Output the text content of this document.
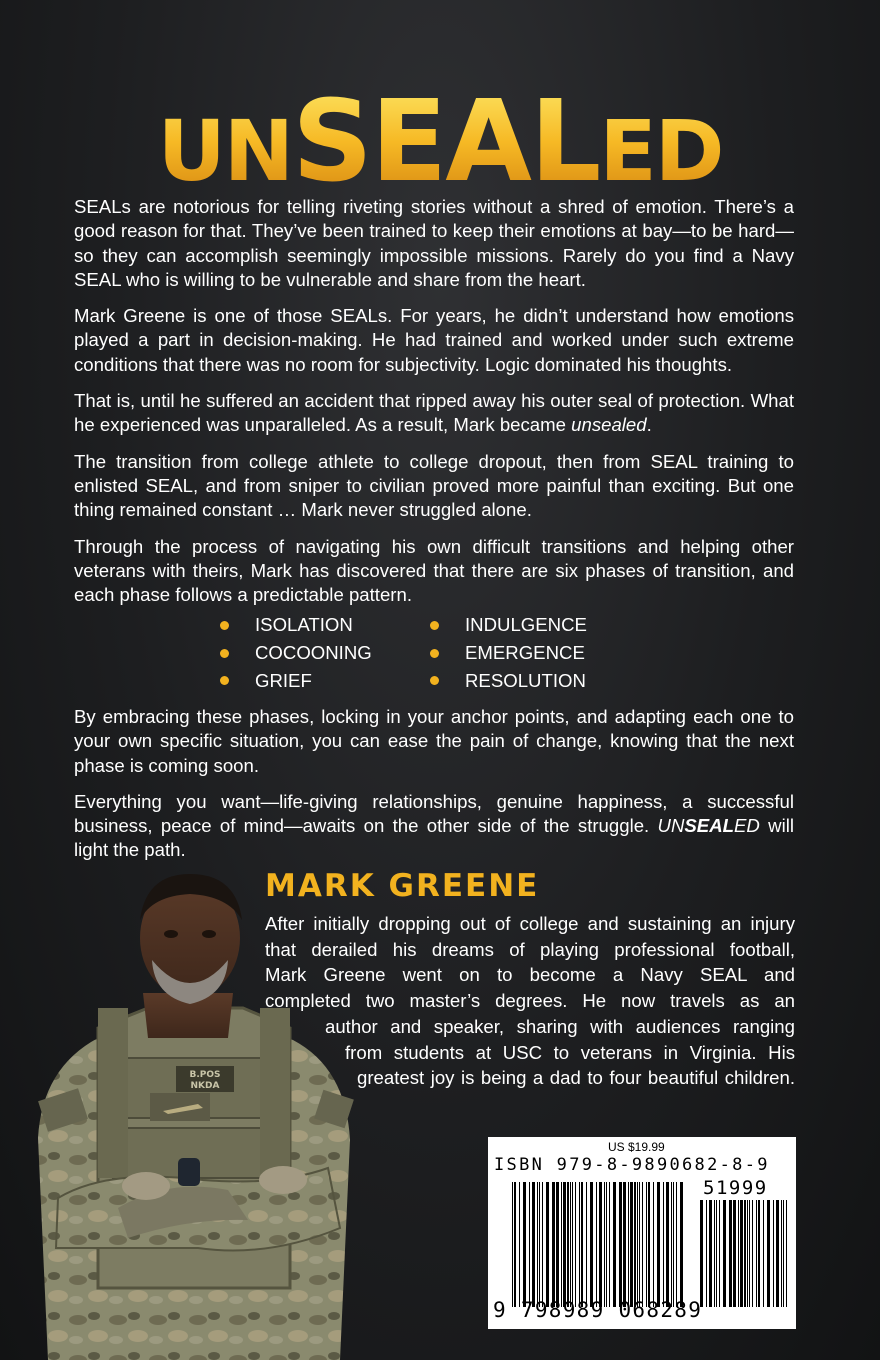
UNSEALED

SEALs are notorious for telling riveting stories without a shred of emotion. There’s a good reason for that. They’ve been trained to keep their emotions at bay—to be hard—so they can accomplish seemingly impossible missions. Rarely do you find a Navy SEAL who is willing to be vulnerable and share from the heart.

Mark Greene is one of those SEALs. For years, he didn’t understand how emotions played a part in decision-making. He had trained and worked under such extreme conditions that there was no room for subjectivity. Logic dominated his thoughts.

That is, until he suffered an accident that ripped away his outer seal of protection. What he experienced was unparalleled. As a result, Mark became unsealed.

The transition from college athlete to college dropout, then from SEAL training to enlisted SEAL, and from sniper to civilian proved more painful than exciting. But one thing remained constant … Mark never struggled alone.

Through the process of navigating his own difficult transitions and helping other veterans with theirs, Mark has discovered that there are six phases of transition, and each phase follows a predictable pattern.

ISOLATION	INDULGENCE
COCOONING	EMERGENCE
GRIEF	RESOLUTION

By embracing these phases, locking in your anchor points, and adapting each one to your own specific situation, you can ease the pain of change, knowing that the next phase is coming soon.

Everything you want—life-giving relationships, genuine happiness, a successful business, peace of mind—awaits on the other side of the struggle. UNSEALED will light the path.

B.POS
NKDA
MARK GREENE
After initially dropping out of college and sustaining an injury
that derailed his dreams of playing professional football,
Mark Greene went on to become a Navy SEAL and
completed two master’s degrees. He now travels as an
author and speaker, sharing with audiences ranging
from students at USC to veterans in Virginia. His
greatest joy is being a dad to four beautiful children.
US $19.99
ISBN 979-8-9890682-8-9
51999
9 798989 068289
